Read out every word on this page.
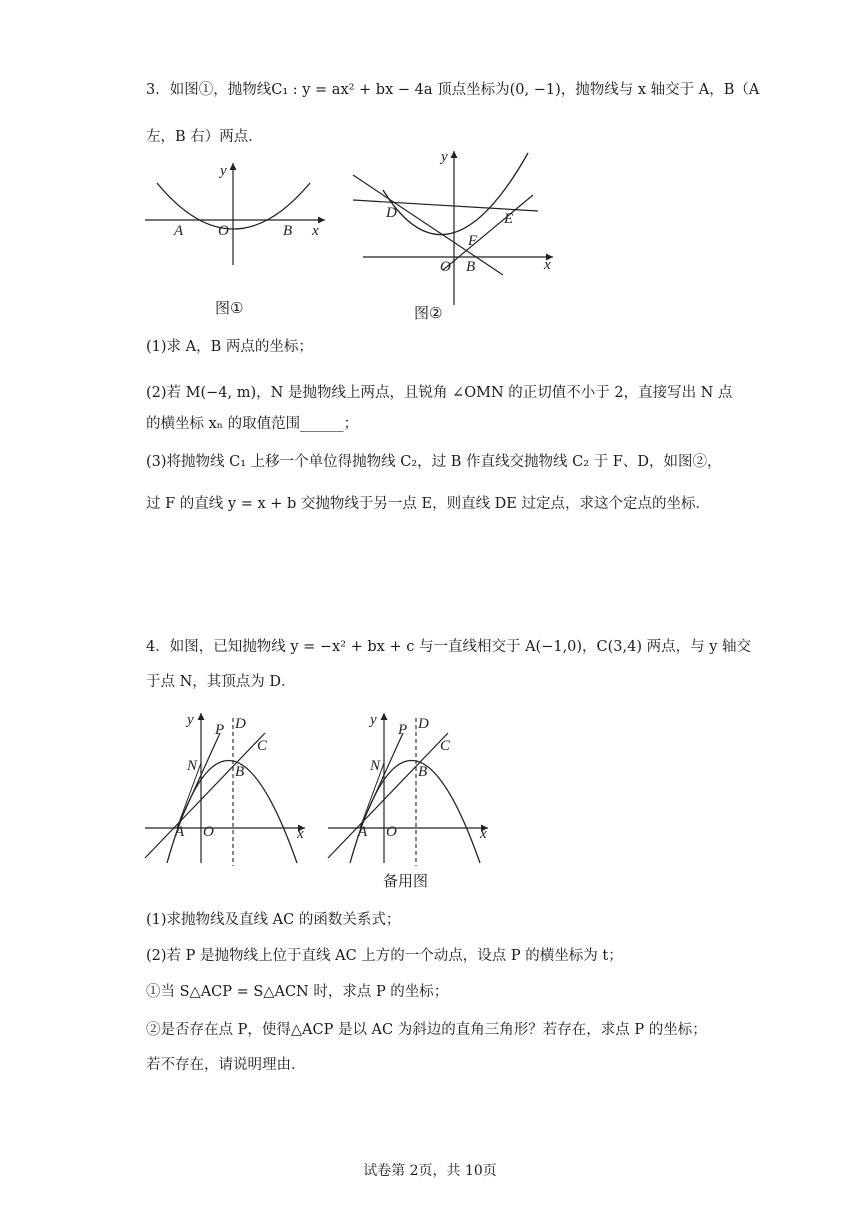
3．如图①，抛物线C₁ : y = ax² + bx − 4a 顶点坐标为(0, −1)，抛物线与 x 轴交于 A，B（A
左，B 右）两点．
x
y
A O	B
图①
D	E
F
O B	x
y
图②
(1)求 A，B 两点的坐标；
(2)若 M(−4, m)，N 是抛物线上两点，且锐角 ∠OMN 的正切值不小于 2，直接写出 N 点
的横坐标 xₙ 的取值范围______；
(3)将抛物线 C₁ 上移一个单位得抛物线 C₂，过 B 作直线交抛物线 C₂ 于 F、D，如图②，
过 F 的直线 y = x + b 交抛物线于另一点 E，则直线 DE 过定点，求这个定点的坐标．
4．如图，已知抛物线 y = −x² + bx + c 与一直线相交于 A(−1,0)，C(3,4) 两点，与 y 轴交
于点 N，其顶点为 D．
y
x
P D
C
N	B
A O
y
x
P D
C
N	B
A O
备用图
(1)求抛物线及直线 AC 的函数关系式；
(2)若 P 是抛物线上位于直线 AC 上方的一个动点，设点 P 的横坐标为 t；
①当 S△ACP = S△ACN 时，求点 P 的坐标；
②是否存在点 P，使得△ACP 是以 AC 为斜边的直角三角形？若存在，求点 P 的坐标；
若不存在，请说明理由．
试卷第 2页，共 10页
